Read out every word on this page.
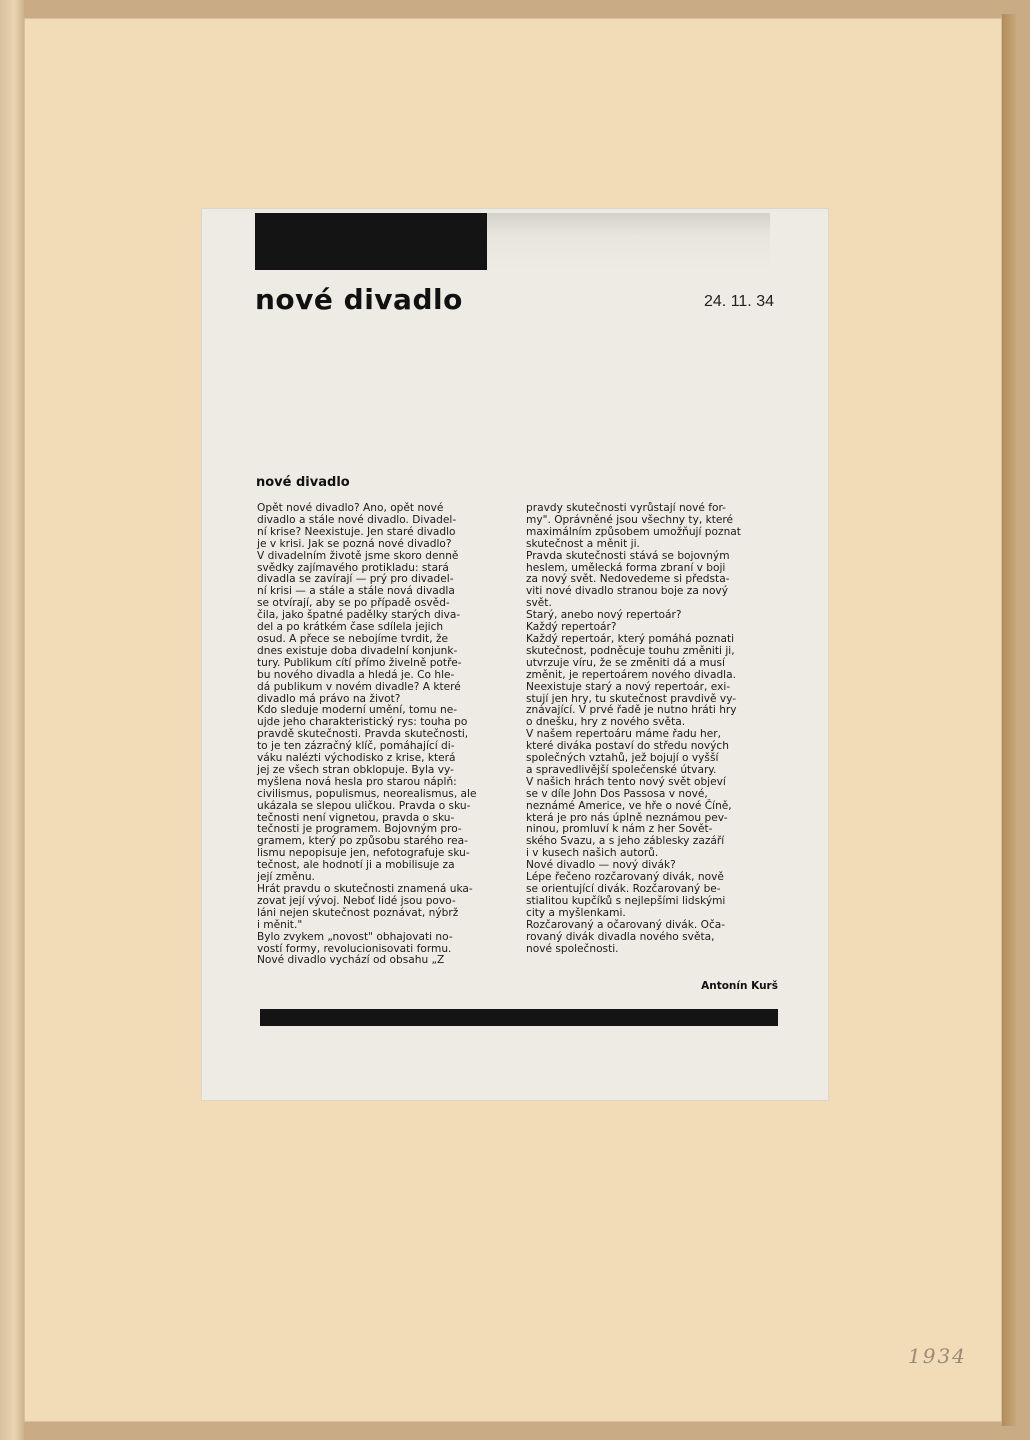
nové divadlo	24. 11. 34
nové divadlo

Opět nové divadlo? Ano, opět nové

divadlo a stále nové divadlo. Divadel-

ní krise? Neexistuje. Jen staré divadlo

je v krisi. Jak se pozná nové divadlo?

V divadelním životě jsme skoro denně

svědky zajímavého protikladu: stará

divadla se zavírají — prý pro divadel-

ní krisi — a stále a stále nová divadla

se otvírají, aby se po případě osvěd-

čila, jako špatné padělky starých diva-

del a po krátkém čase sdílela jejich

osud. A přece se nebojíme tvrdit, že

dnes existuje doba divadelní konjunk-

tury. Publikum cítí přímo živelně potře-

bu nového divadla a hledá je. Co hle-

dá publikum v novém divadle? A které

divadlo má právo na život?

Kdo sleduje moderní umění, tomu ne-

ujde jeho charakteristický rys: touha po

pravdě skutečnosti. Pravda skutečnosti,

to je ten zázračný klíč, pomáhající di-

váku nalézti východisko z krise, která

jej ze všech stran obklopuje. Byla vy-

myšlena nová hesla pro starou náplň:

civilismus, populismus, neorealismus, ale

ukázala se slepou uličkou. Pravda o sku-

tečnosti není vignetou, pravda o sku-

tečnosti je programem. Bojovným pro-

gramem, který po způsobu starého rea-

lismu nepopisuje jen, nefotografuje sku-

tečnost, ale hodnotí ji a mobilisuje za

její změnu.

Hrát pravdu o skutečnosti znamená uka-

zovat její vývoj. Neboť lidé jsou povo-

láni nejen skutečnost poznávat, nýbrž

i měnit."

Bylo zvykem „novost" obhajovati no-

vostí formy, revolucionisovati formu.

Nové divadlo vychází od obsahu „Z

pravdy skutečnosti vyrůstají nové for-

my". Oprávněné jsou všechny ty, které

maximálním způsobem umožňují poznat

skutečnost a měnit ji.

Pravda skutečnosti stává se bojovným

heslem, umělecká forma zbraní v boji

za nový svět. Nedovedeme si předsta-

viti nové divadlo stranou boje za nový

svět.

Starý, anebo nový repertoár?

Každý repertoár?

Každý repertoár, který pomáhá poznati

skutečnost, podněcuje touhu změniti ji,

utvrzuje víru, že se změniti dá a musí

změnit, je repertoárem nového divadla.

Neexistuje starý a nový repertoár, exi-

stují jen hry, tu skutečnost pravdivě vy-

znávající. V prvé řadě je nutno hráti hry

o dnešku, hry z nového světa.

V našem repertoáru máme řadu her,

které diváka postaví do středu nových

společných vztahů, jež bojují o vyšší

a spravedlivější společenské útvary.

V našich hrách tento nový svět objeví

se v díle John Dos Passosa v nové,

neznámé Americe, ve hře o nové Číně,

která je pro nás úplně neznámou pev-

ninou, promluví k nám z her Sovět-

ského Svazu, a s jeho záblesky zazáří

i v kusech našich autorů.

Nové divadlo — nový divák?

Lépe řečeno rozčarovaný divák, nově

se orientující divák. Rozčarovaný be-

stialitou kupčíků s nejlepšími lidskými

city a myšlenkami.

Rozčarovaný a očarovaný divák. Oča-

rovaný divák divadla nového světa,

nové společnosti.

Antonín Kurš
1934
